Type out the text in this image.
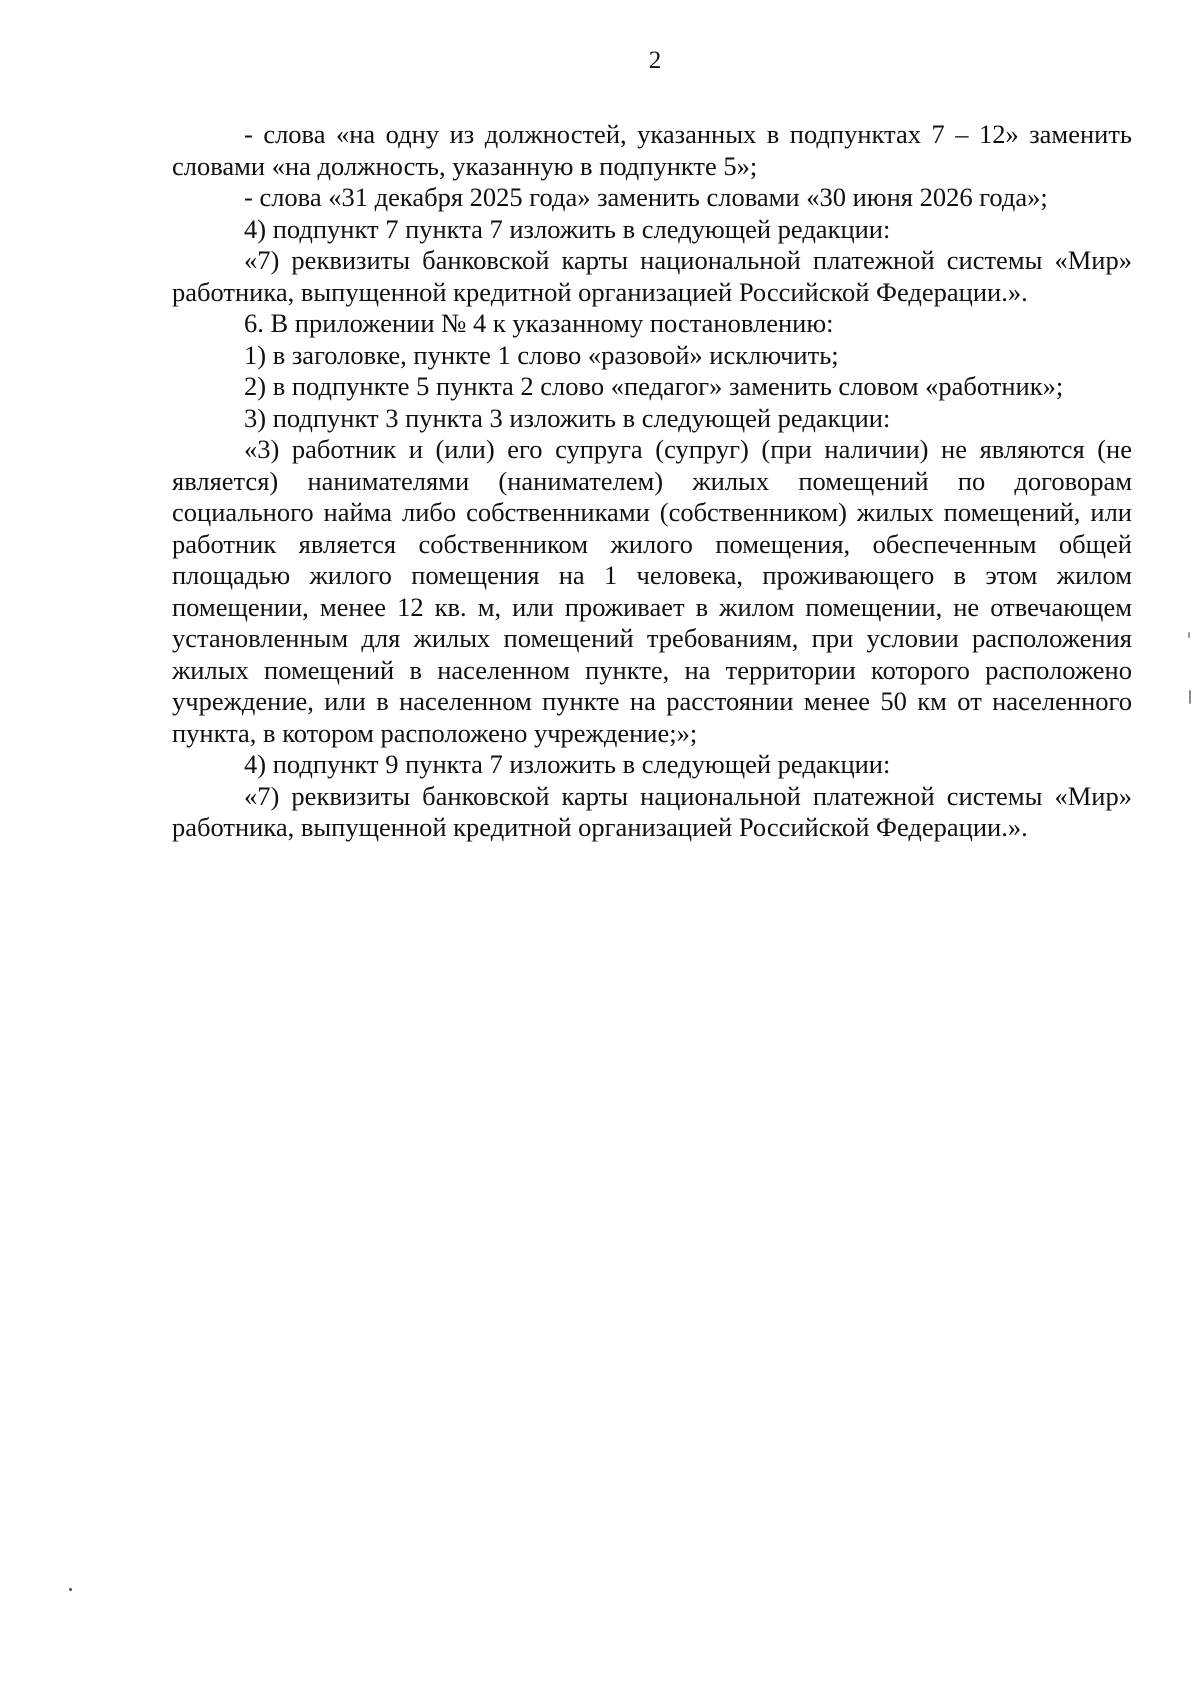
2

- слова «на одну из должностей, указанных в подпунктах 7 – 12» заменить словами «на должность, указанную в подпункте 5»;

- слова «31 декабря 2025 года» заменить словами «30 июня 2026 года»;

4) подпункт 7 пункта 7 изложить в следующей редакции:

«7) реквизиты банковской карты национальной платежной системы «Мир» работника, выпущенной кредитной организацией Российской Федерации.».

6. В приложении № 4 к указанному постановлению:

1) в заголовке, пункте 1 слово «разовой» исключить;

2) в подпункте 5 пункта 2 слово «педагог» заменить словом «работник»;

3) подпункт 3 пункта 3 изложить в следующей редакции:

«3) работник и (или) его супруга (супруг) (при наличии) не являются (не является) нанимателями (нанимателем) жилых помещений по договорам социального найма либо собственниками (собственником) жилых помещений, или работник является собственником жилого помещения, обеспеченным общей площадью жилого помещения на 1 человека, проживающего в этом жилом помещении, менее 12 кв. м, или проживает в жилом помещении, не отвечающем установленным для жилых помещений требованиям, при условии расположения жилых помещений в населенном пункте, на территории которого расположено учреждение, или в населенном пункте на расстоянии менее 50 км от населенного пункта, в котором расположено учреждение;»;

4) подпункт 9 пункта 7 изложить в следующей редакции:

«7) реквизиты банковской карты национальной платежной системы «Мир» работника, выпущенной кредитной организацией Российской Федерации.».
